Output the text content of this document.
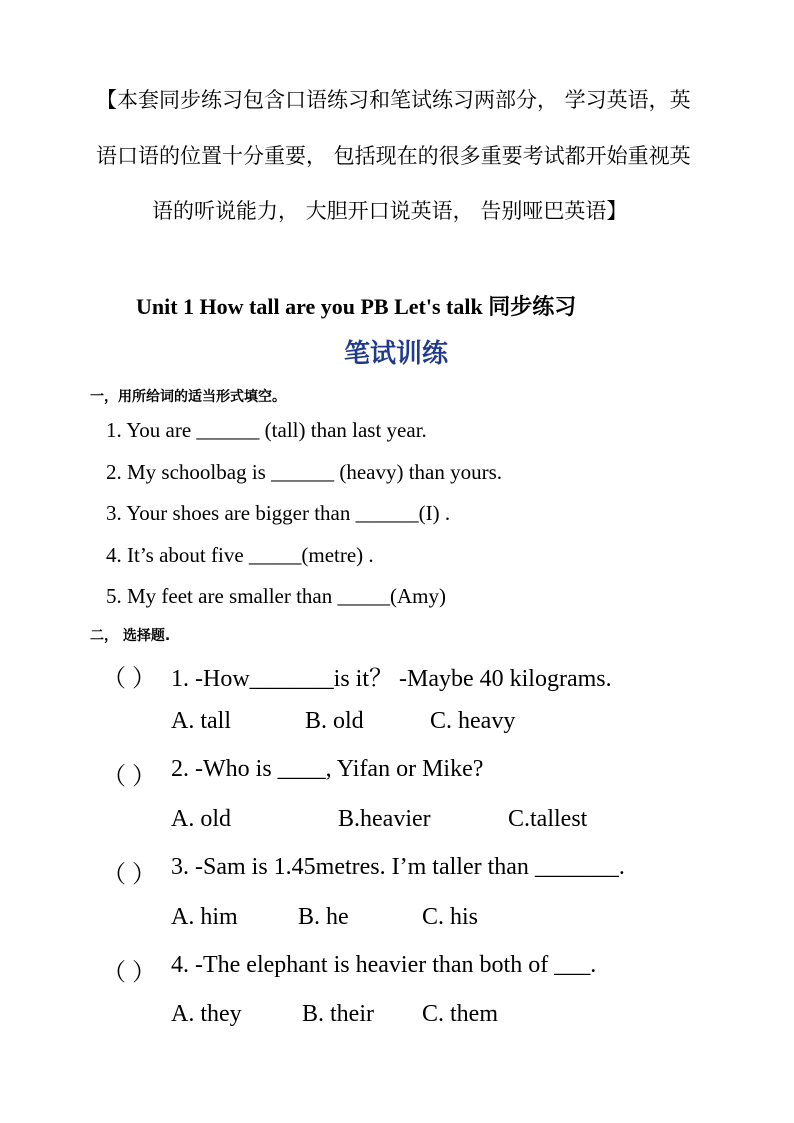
【本套同步练习包含口语练习和笔试练习两部分， 学习英语，英
语口语的位置十分重要， 包括现在的很多重要考试都开始重视英
语的听说能力， 大胆开口说英语， 告别哑巴英语】
Unit 1 How tall are you PB Let's talk 同步练习
笔试训练
一，用所给词的适当形式填空。
1. You are ______ (tall) than last year.
2. My schoolbag is ______ (heavy) than yours.
3. Your shoes are bigger than ______(I) .
4. It’s about five _____(metre) .
5. My feet are smaller than _____(Amy)
二， 选择题.
（ ） 1. -How_______is it？ -Maybe 40 kilograms.
A. tall	B. old	C. heavy
（ ） 2. -Who is ____, Yifan or Mike?
A. old	B.heavier	C.tallest
（ ） 3. -Sam is 1.45metres. I’m taller than _______.
A. him	B. he	C. his
（ ） 4. -The elephant is heavier than both of ___.
A. they	B. their C. them
